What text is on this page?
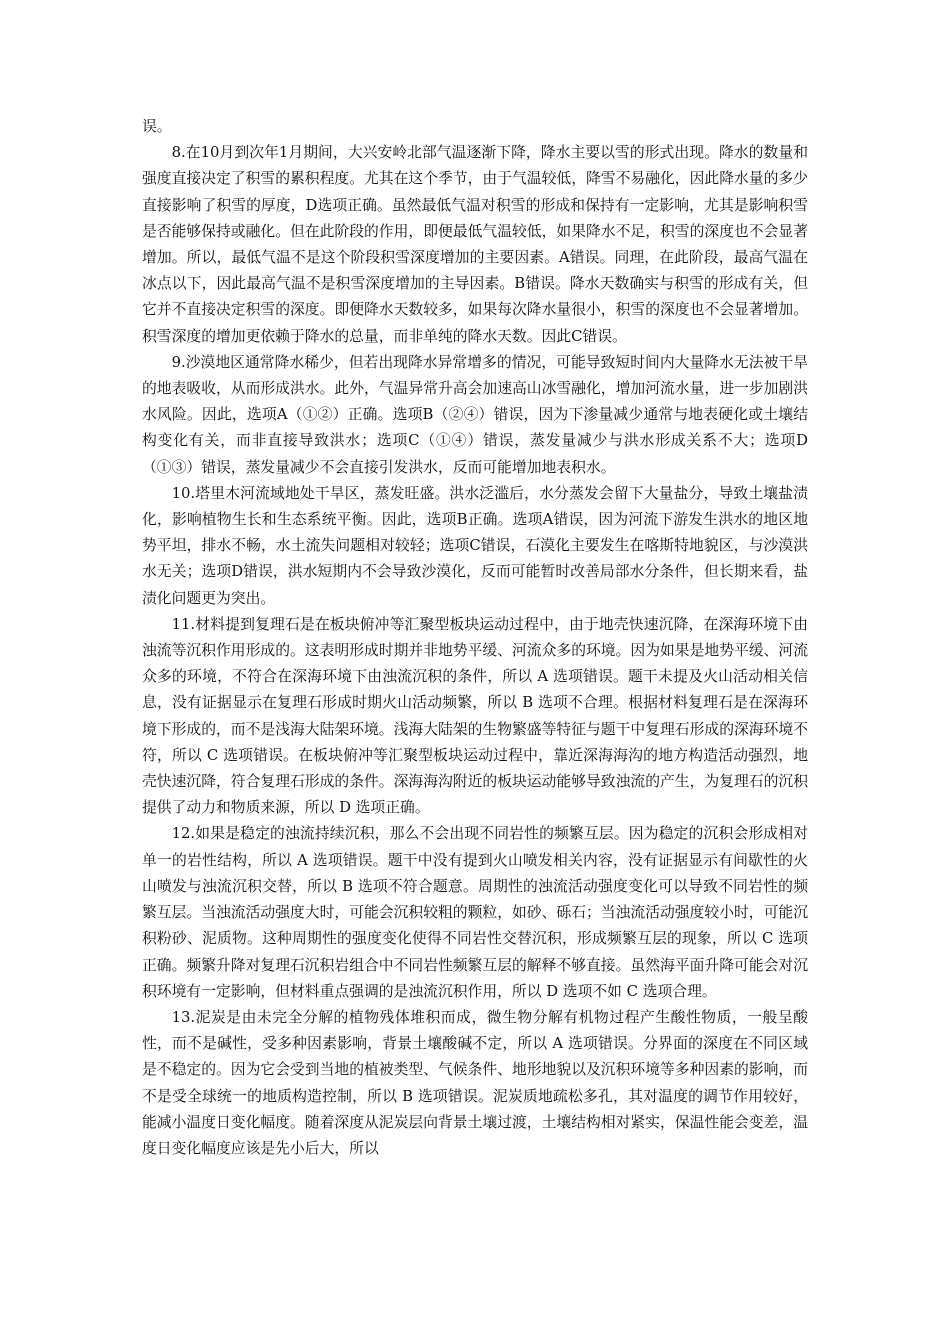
误。

8.在10月到次年1月期间，大兴安岭北部气温逐渐下降，降水主要以雪的形式出现。降水的数量和强度直接决定了积雪的累积程度。尤其在这个季节，由于气温较低，降雪不易融化，因此降水量的多少直接影响了积雪的厚度，D选项正确。虽然最低气温对积雪的形成和保持有一定影响，尤其是影响积雪是否能够保持或融化。但在此阶段的作用，即便最低气温较低，如果降水不足，积雪的深度也不会显著增加。所以，最低气温不是这个阶段积雪深度增加的主要因素。A错误。同理，在此阶段，最高气温在冰点以下，因此最高气温不是积雪深度增加的主导因素。B错误。降水天数确实与积雪的形成有关，但它并不直接决定积雪的深度。即便降水天数较多，如果每次降水量很小，积雪的深度也不会显著增加。积雪深度的增加更依赖于降水的总量，而非单纯的降水天数。因此C错误。

9.沙漠地区通常降水稀少，但若出现降水异常增多的情况，可能导致短时间内大量降水无法被干旱的地表吸收，从而形成洪水。此外，气温异常升高会加速高山冰雪融化，增加河流水量，进一步加剧洪水风险。因此，选项A（①②）正确。选项B（②④）错误，因为下渗量减少通常与地表硬化或土壤结构变化有关，而非直接导致洪水；选项C（①④）错误，蒸发量减少与洪水形成关系不大；选项D（①③）错误，蒸发量减少不会直接引发洪水，反而可能增加地表积水。

10.塔里木河流域地处干旱区，蒸发旺盛。洪水泛滥后，水分蒸发会留下大量盐分，导致土壤盐渍化，影响植物生长和生态系统平衡。因此，选项B正确。选项A错误，因为河流下游发生洪水的地区地势平坦，排水不畅，水土流失问题相对较轻；选项C错误，石漠化主要发生在喀斯特地貌区，与沙漠洪水无关；选项D错误，洪水短期内不会导致沙漠化，反而可能暂时改善局部水分条件，但长期来看，盐渍化问题更为突出。

11.材料提到复理石是在板块俯冲等汇聚型板块运动过程中，由于地壳快速沉降，在深海环境下由浊流等沉积作用形成的。这表明形成时期并非地势平缓、河流众多的环境。因为如果是地势平缓、河流众多的环境，不符合在深海环境下由浊流沉积的条件，所以 A 选项错误。题干未提及火山活动相关信息，没有证据显示在复理石形成时期火山活动频繁，所以 B 选项不合理。根据材料复理石是在深海环境下形成的，而不是浅海大陆架环境。浅海大陆架的生物繁盛等特征与题干中复理石形成的深海环境不符，所以 C 选项错误。在板块俯冲等汇聚型板块运动过程中，靠近深海海沟的地方构造活动强烈，地壳快速沉降，符合复理石形成的条件。深海海沟附近的板块运动能够导致浊流的产生，为复理石的沉积提供了动力和物质来源，所以 D 选项正确。

12.如果是稳定的浊流持续沉积，那么不会出现不同岩性的频繁互层。因为稳定的沉积会形成相对单一的岩性结构，所以 A 选项错误。题干中没有提到火山喷发相关内容，没有证据显示有间歇性的火山喷发与浊流沉积交替，所以 B 选项不符合题意。周期性的浊流活动强度变化可以导致不同岩性的频繁互层。当浊流活动强度大时，可能会沉积较粗的颗粒，如砂、砾石；当浊流活动强度较小时，可能沉积粉砂、泥质物。这种周期性的强度变化使得不同岩性交替沉积，形成频繁互层的现象，所以 C 选项正确。频繁升降对复理石沉积岩组合中不同岩性频繁互层的解释不够直接。虽然海平面升降可能会对沉积环境有一定影响，但材料重点强调的是浊流沉积作用，所以 D 选项不如 C 选项合理。

13.泥炭是由未完全分解的植物残体堆积而成，微生物分解有机物过程产生酸性物质，一般呈酸性，而不是碱性，受多种因素影响，背景土壤酸碱不定，所以 A 选项错误。分界面的深度在不同区域是不稳定的。因为它会受到当地的植被类型、气候条件、地形地貌以及沉积环境等多种因素的影响，而不是受全球统一的地质构造控制，所以 B 选项错误。泥炭质地疏松多孔，其对温度的调节作用较好，能减小温度日变化幅度。随着深度从泥炭层向背景土壤过渡，土壤结构相对紧实，保温性能会变差，温度日变化幅度应该是先小后大，所以
